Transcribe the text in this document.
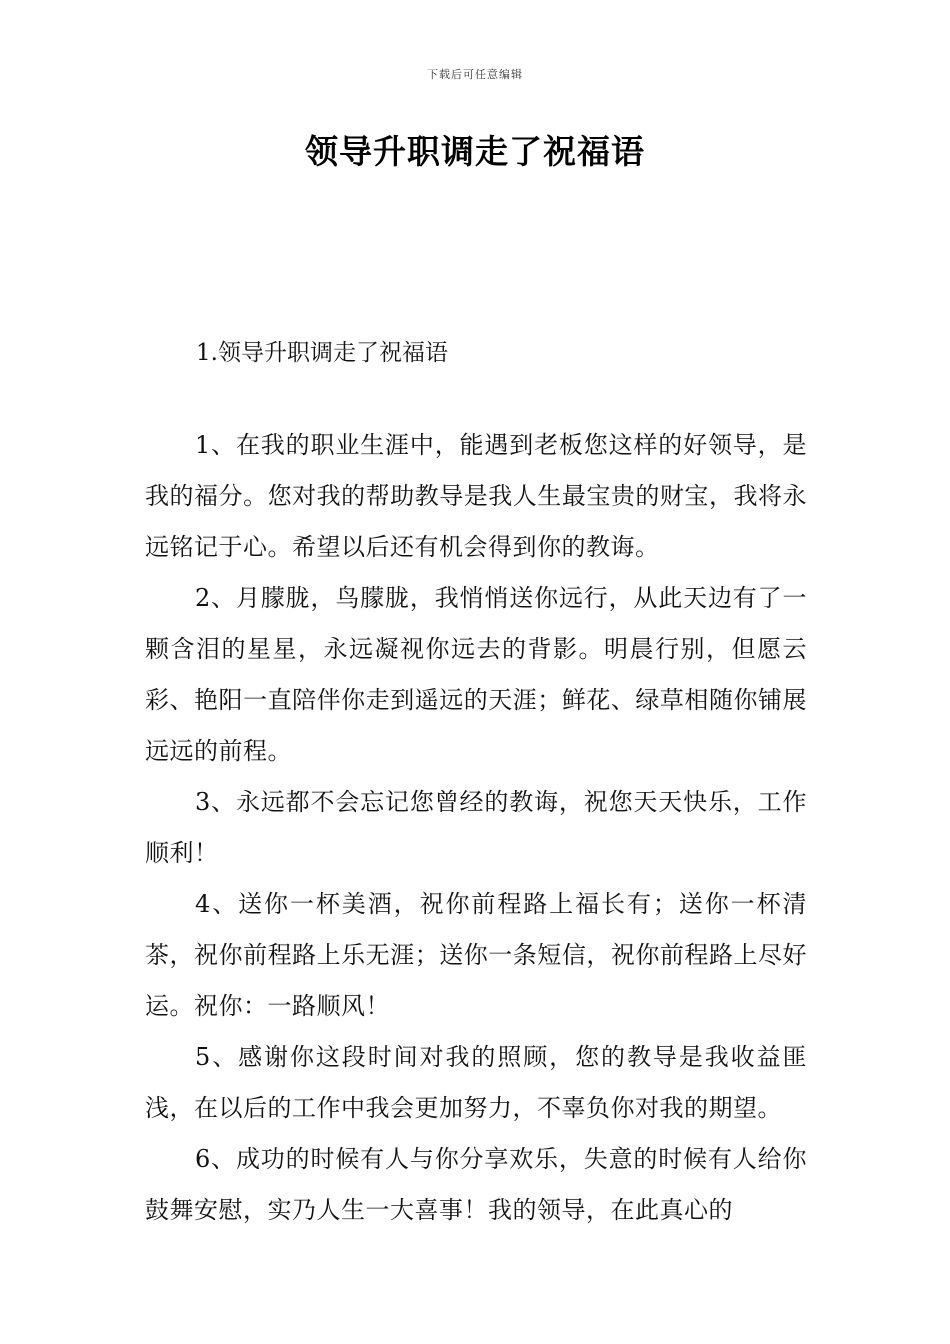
下载后可任意编辑
领导升职调走了祝福语
1.领导升职调走了祝福语

1、在我的职业生涯中，能遇到老板您这样的好领导，是我的福分。您对我的帮助教导是我人生最宝贵的财宝，我将永远铭记于心。希望以后还有机会得到你的教诲。

2、月朦胧，鸟朦胧，我悄悄送你远行，从此天边有了一颗含泪的星星，永远凝视你远去的背影。明晨行别，但愿云彩、艳阳一直陪伴你走到遥远的天涯；鲜花、绿草相随你铺展远远的前程。

3、永远都不会忘记您曾经的教诲，祝您天天快乐，工作顺利！

4、送你一杯美酒，祝你前程路上福长有；送你一杯清茶，祝你前程路上乐无涯；送你一条短信，祝你前程路上尽好运。祝你：一路顺风！

5、感谢你这段时间对我的照顾，您的教导是我收益匪浅，在以后的工作中我会更加努力，不辜负你对我的期望。

6、成功的时候有人与你分享欢乐，失意的时候有人给你鼓舞安慰，实乃人生一大喜事！我的领导，在此真心的
